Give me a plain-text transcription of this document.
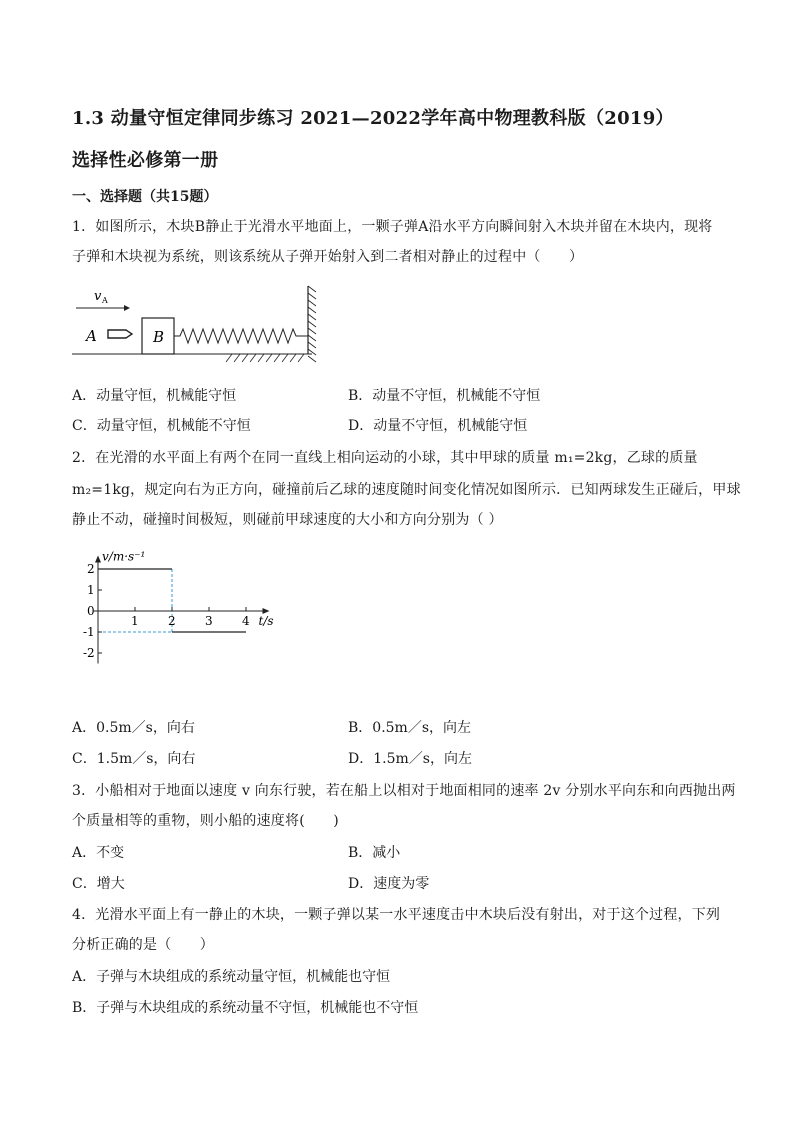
1.3 动量守恒定律同步练习 2021—2022学年高中物理教科版（2019）
选择性必修第一册
一、选择题（共15题）
1．如图所示，木块B静止于光滑水平地面上，一颗子弹A沿水平方向瞬间射入木块并留在木块内，现将
子弹和木块视为系统，则该系统从子弹开始射入到二者相对静止的过程中（　　）
v A
A	B
A．动量守恒，机械能守恒	B．动量不守恒，机械能不守恒
C．动量守恒，机械能不守恒	D．动量不守恒，机械能守恒
2．在光滑的水平面上有两个在同一直线上相向运动的小球，其中甲球的质量 m₁=2kg，乙球的质量
m₂=1kg，规定向右为正方向，碰撞前后乙球的速度随时间变化情况如图所示．已知两球发生正碰后，甲球
静止不动，碰撞时间极短，则碰前甲球速度的大小和方向分别为（ ）
v/m·s⁻¹
t/s
1 2 3 4
2
1
0
-1
-2
A．0.5m／s，向右	B．0.5m／s，向左
C．1.5m／s，向右	D．1.5m／s，向左
3．小船相对于地面以速度 v 向东行驶，若在船上以相对于地面相同的速率 2v 分别水平向东和向西抛出两
个质量相等的重物，则小船的速度将(　　)
A．不变	B．减小
C．增大	D．速度为零
4．光滑水平面上有一静止的木块，一颗子弹以某一水平速度击中木块后没有射出，对于这个过程，下列
分析正确的是（　　）
A．子弹与木块组成的系统动量守恒，机械能也守恒
B．子弹与木块组成的系统动量不守恒，机械能也不守恒
